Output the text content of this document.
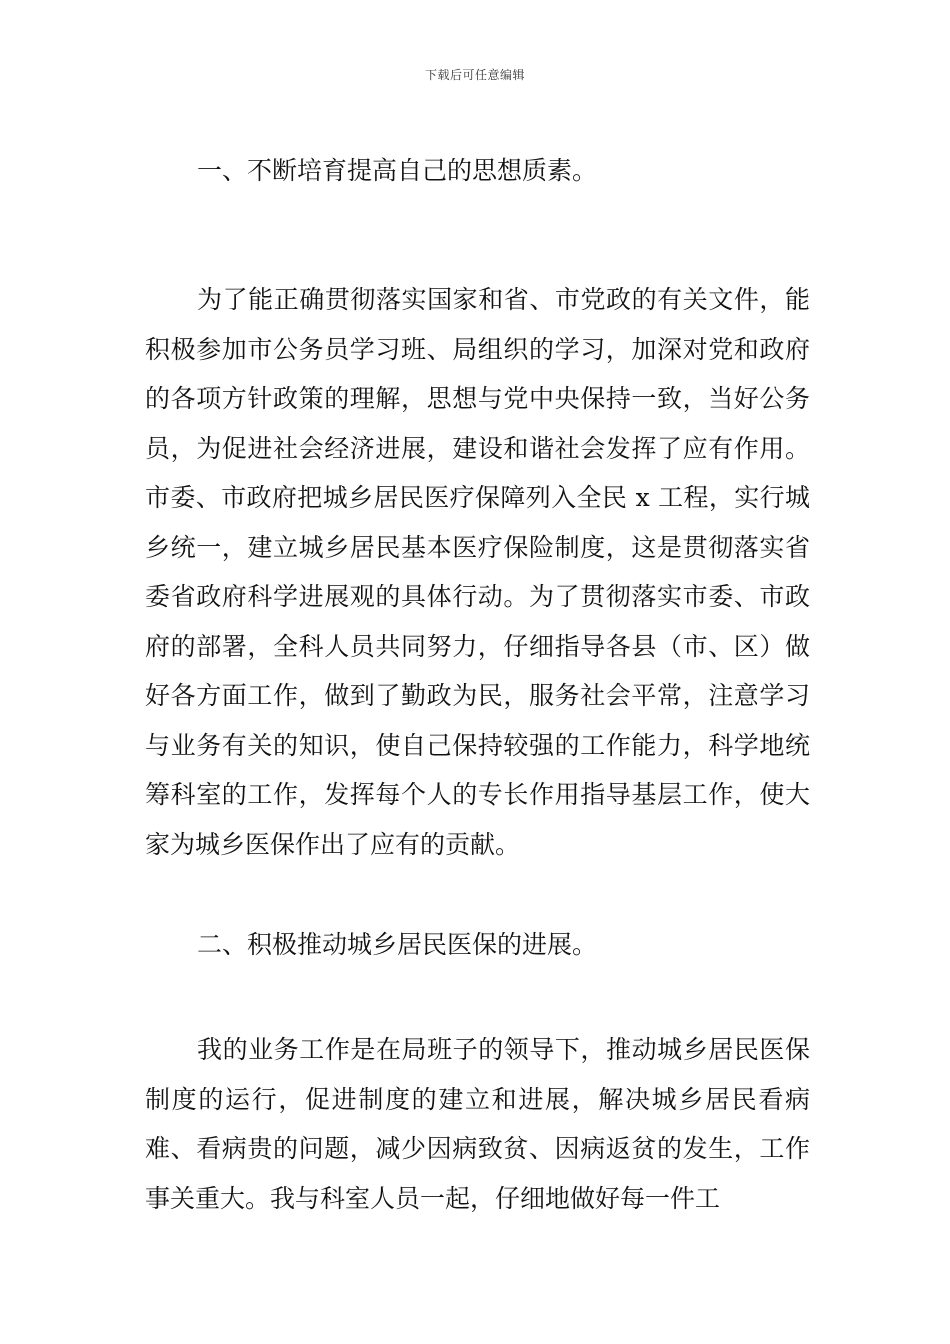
下载后可任意编辑
一、不断培育提高自己的思想质素。

为了能正确贯彻落实国家和省、市党政的有关文件，能积极参加市公务员学习班、局组织的学习，加深对党和政府的各项方针政策的理解，思想与党中央保持一致，当好公务员，为促进社会经济进展，建设和谐社会发挥了应有作用。市委、市政府把城乡居民医疗保障列入全民 x 工程，实行城乡统一，建立城乡居民基本医疗保险制度，这是贯彻落实省委省政府科学进展观的具体行动。为了贯彻落实市委、市政府的部署，全科人员共同努力，仔细指导各县（市、区）做好各方面工作，做到了勤政为民，服务社会平常，注意学习与业务有关的知识，使自己保持较强的工作能力，科学地统筹科室的工作，发挥每个人的专长作用指导基层工作，使大家为城乡医保作出了应有的贡献。

二、积极推动城乡居民医保的进展。

我的业务工作是在局班子的领导下，推动城乡居民医保制度的运行，促进制度的建立和进展，解决城乡居民看病难、看病贵的问题，减少因病致贫、因病返贫的发生，工作事关重大。我与科室人员一起，仔细地做好每一件工
